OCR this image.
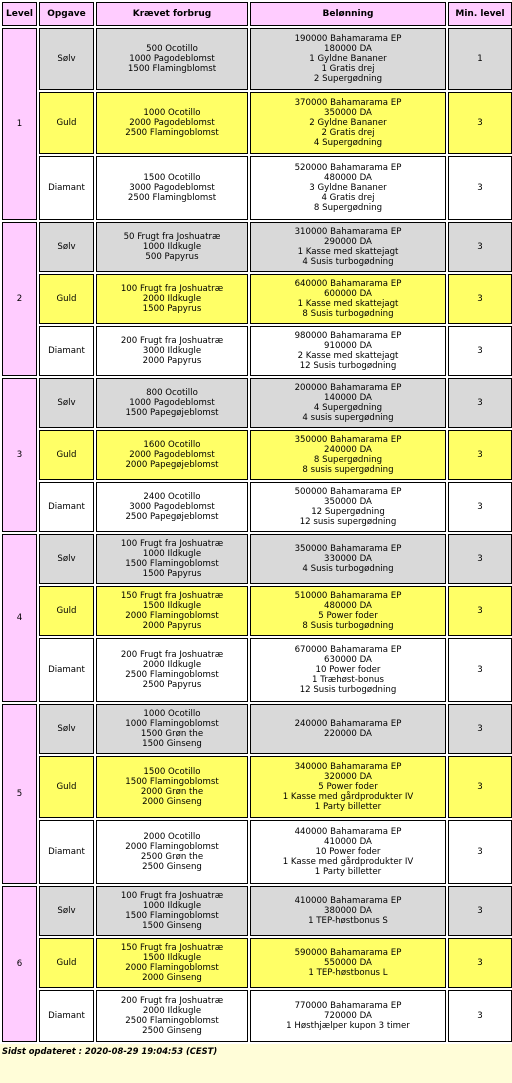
Level	Opgave	Krævet forbrug	Belønning	Min. level
1	Sølv	500 Ocotillo
1000 Pagodeblomst
1500 Flamingblomst	190000 Bahamarama EP
180000 DA
1 Gyldne Bananer
1 Gratis drej
2 Supergødning	1
	Guld	1000 Ocotillo
2000 Pagodeblomst
2500 Flamingoblomst	370000 Bahamarama EP
350000 DA
2 Gyldne Bananer
2 Gratis drej
4 Supergødning	3
	Diamant	1500 Ocotillo
3000 Pagodeblomst
2500 Flamingblomst	520000 Bahamarama EP
480000 DA
3 Gyldne Bananer
4 Gratis drej
8 Supergødning	3
2	Sølv	50 Frugt fra Joshuatræ
1000 Ildkugle
500 Papyrus	310000 Bahamarama EP
290000 DA
1 Kasse med skattejagt
4 Susis turbogødning	3
	Guld	100 Frugt fra Joshuatræ
2000 Ildkugle
1500 Papyrus	640000 Bahamarama EP
600000 DA
1 Kasse med skattejagt
8 Susis turbogødning	3
	Diamant	200 Frugt fra Joshuatræ
3000 Ildkugle
2000 Papyrus	980000 Bahamarama EP
910000 DA
2 Kasse med skattejagt
12 Susis turbogødning	3
3	Sølv	800 Ocotillo
1000 Pagodeblomst
1500 Papegøjeblomst	200000 Bahamarama EP
140000 DA
4 Supergødning
4 susis supergødning	3
	Guld	1600 Ocotillo
2000 Pagodeblomst
2000 Papegøjeblomst	350000 Bahamarama EP
240000 DA
8 Supergødning
8 susis supergødning	3
	Diamant	2400 Ocotillo
3000 Pagodeblomst
2500 Papegøjeblomst	500000 Bahamarama EP
350000 DA
12 Supergødning
12 susis supergødning	3
4	Sølv	100 Frugt fra Joshuatræ
1000 Ildkugle
1500 Flamingoblomst
1500 Papyrus	350000 Bahamarama EP
330000 DA
4 Susis turbogødning	3
	Guld	150 Frugt fra Joshuatræ
1500 Ildkugle
2000 Flamingoblomst
2000 Papyrus	510000 Bahamarama EP
480000 DA
5 Power foder
8 Susis turbogødning	3
	Diamant	200 Frugt fra Joshuatræ
2000 Ildkugle
2500 Flamingoblomst
2500 Papyrus	670000 Bahamarama EP
630000 DA
10 Power foder
1 Træhøst-bonus
12 Susis turbogødning	3
5	Sølv	1000 Ocotillo
1000 Flamingoblomst
1500 Grøn the
1500 Ginseng	240000 Bahamarama EP
220000 DA	3
	Guld	1500 Ocotillo
1500 Flamingoblomst
2000 Grøn the
2000 Ginseng	340000 Bahamarama EP
320000 DA
5 Power foder
1 Kasse med gårdprodukter IV
1 Party billetter	3
	Diamant	2000 Ocotillo
2000 Flamingoblomst
2500 Grøn the
2500 Ginseng	440000 Bahamarama EP
410000 DA
10 Power foder
1 Kasse med gårdprodukter IV
1 Party billetter	3
6	Sølv	100 Frugt fra Joshuatræ
1000 Ildkugle
1500 Flamingoblomst
1500 Ginseng	410000 Bahamarama EP
380000 DA
1 TEP-høstbonus S	3
	Guld	150 Frugt fra Joshuatræ
1500 Ildkugle
2000 Flamingoblomst
2000 Ginseng	590000 Bahamarama EP
550000 DA
1 TEP-høstbonus L	3
	Diamant	200 Frugt fra Joshuatræ
2000 Ildkugle
2500 Flamingoblomst
2500 Ginseng	770000 Bahamarama EP
720000 DA
1 Høsthjælper kupon 3 timer	3
Sidst opdateret : 2020-08-29 19:04:53 (CEST)
